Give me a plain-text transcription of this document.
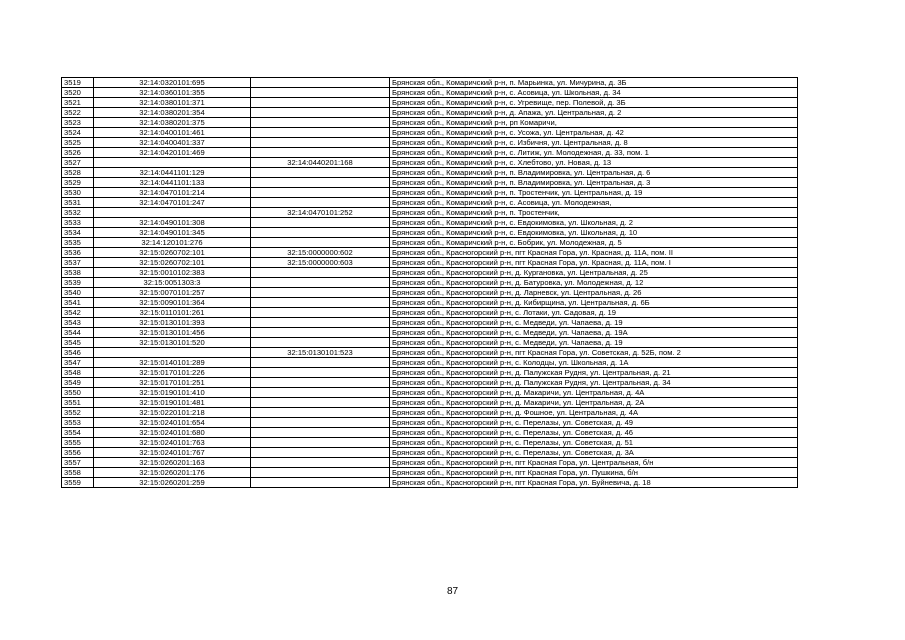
3519	32:14:0320101:695		Брянская обл., Комаричский р-н, п. Марьинка, ул. Мичурина, д. 3Б
3520	32:14:0360101:355		Брянская обл., Комаричский р-н, с. Асовица, ул. Школьная, д. 34
3521	32:14:0380101:371		Брянская обл., Комаричский р-н, с. Угревище, пер. Полевой, д. 3Б
3522	32:14:0380201:354		Брянская обл., Комаричский р-н, д. Апажа, ул. Центральная, д. 2
3523	32:14:0380201:375		Брянская обл., Комаричский р-н, рп Комаричи,
3524	32:14:0400101:461		Брянская обл., Комаричский р-н, с. Усожа, ул. Центральная, д. 42
3525	32:14:0400401:337		Брянская обл., Комаричский р-н, с. Избичня, ул. Центральная, д. 8
3526	32:14:0420101:469		Брянская обл., Комаричский р-н, с. Литиж, ул. Молодежная, д. 33, пом. 1
3527		32:14:0440201:168	Брянская обл., Комаричский р-н, с. Хлебтово, ул. Новая, д. 13
3528	32:14:0441101:129		Брянская обл., Комаричский р-н, п. Владимировка, ул. Центральная, д. 6
3529	32:14:0441101:133		Брянская обл., Комаричский р-н, п. Владимировка, ул. Центральная, д. 3
3530	32:14:0470101:214		Брянская обл., Комаричский р-н, п. Тростенчик, ул. Центральная, д. 19
3531	32:14:0470101:247		Брянская обл., Комаричский р-н, с. Асовица, ул. Молодежная,
3532		32:14:0470101:252	Брянская обл., Комаричский р-н, п. Тростенчик,
3533	32:14:0490101:308		Брянская обл., Комаричский р-н, с. Евдокимовка, ул. Школьная, д. 2
3534	32:14:0490101:345		Брянская обл., Комаричский р-н, с. Евдокимовка, ул. Школьная, д. 10
3535	32:14:120101:276		Брянская обл., Комаричский р-н, с. Бобрик, ул. Молодежная, д. 5
3536	32:15:0260702:101	32:15:0000000:602	Брянская обл., Красногорский р-н, пгт Красная Гора, ул. Красная, д. 11А, пом. II
3537	32:15:0260702:101	32:15:0000000:603	Брянская обл., Красногорский р-н, пгт Красная Гора, ул. Красная, д. 11А, пом. I
3538	32:15:0010102:383		Брянская обл., Красногорский р-н, д. Кургановка, ул. Центральная, д. 25
3539	32:15:0051303:3		Брянская обл., Красногорский р-н, д. Батуровка, ул. Молодежная, д. 12
3540	32:15:0070101:257		Брянская обл., Красногорский р-н, д. Ларневск, ул. Центральная, д. 26
3541	32:15:0090101:364		Брянская обл., Красногорский р-н, д. Кибирщина, ул. Центральная, д. 6Б
3542	32:15:0110101:261		Брянская обл., Красногорский р-н, с. Лотаки, ул. Садовая, д. 19
3543	32:15:0130101:393		Брянская обл., Красногорский р-н, с. Медведи, ул. Чапаева, д. 19
3544	32:15:0130101:456		Брянская обл., Красногорский р-н, с. Медведи, ул. Чапаева, д. 19А
3545	32:15:0130101:520		Брянская обл., Красногорский р-н, с. Медведи, ул. Чапаева, д. 19
3546		32:15:0130101:523	Брянская обл., Красногорский р-н, пгт Красная Гора, ул. Советская, д. 52Б, пом. 2
3547	32:15:0140101:289		Брянская обл., Красногорский р-н, с. Колодцы, ул. Школьная, д. 1А
3548	32:15:0170101:226		Брянская обл., Красногорский р-н, д. Палужская Рудня, ул. Центральная, д. 21
3549	32:15:0170101:251		Брянская обл., Красногорский р-н, д. Палужская Рудня, ул. Центральная, д. 34
3550	32:15:0190101:410		Брянская обл., Красногорский р-н, д. Макаричи, ул. Центральная, д. 4А
3551	32:15:0190101:481		Брянская обл., Красногорский р-н, д. Макаричи, ул. Центральная, д. 2А
3552	32:15:0220101:218		Брянская обл., Красногорский р-н, д. Фошное, ул. Центральная, д. 4А
3553	32:15:0240101:654		Брянская обл., Красногорский р-н, с. Перелазы, ул. Советская, д. 49
3554	32:15:0240101:680		Брянская обл., Красногорский р-н, с. Перелазы, ул. Советская, д. 46
3555	32:15:0240101:763		Брянская обл., Красногорский р-н, с. Перелазы, ул. Советская, д. 51
3556	32:15:0240101:767		Брянская обл., Красногорский р-н, с. Перелазы, ул. Советская, д. 3А
3557	32:15:0260201:163		Брянская обл., Красногорский р-н, пгт Красная Гора, ул. Центральная, б/н
3558	32:15:0260201:176		Брянская обл., Красногорский р-н, пгт Красная Гора, ул. Пушкина, б/н
3559	32:15:0260201:259		Брянская обл., Красногорский р-н, пгт Красная Гора, ул. Буйневича, д. 18
87
